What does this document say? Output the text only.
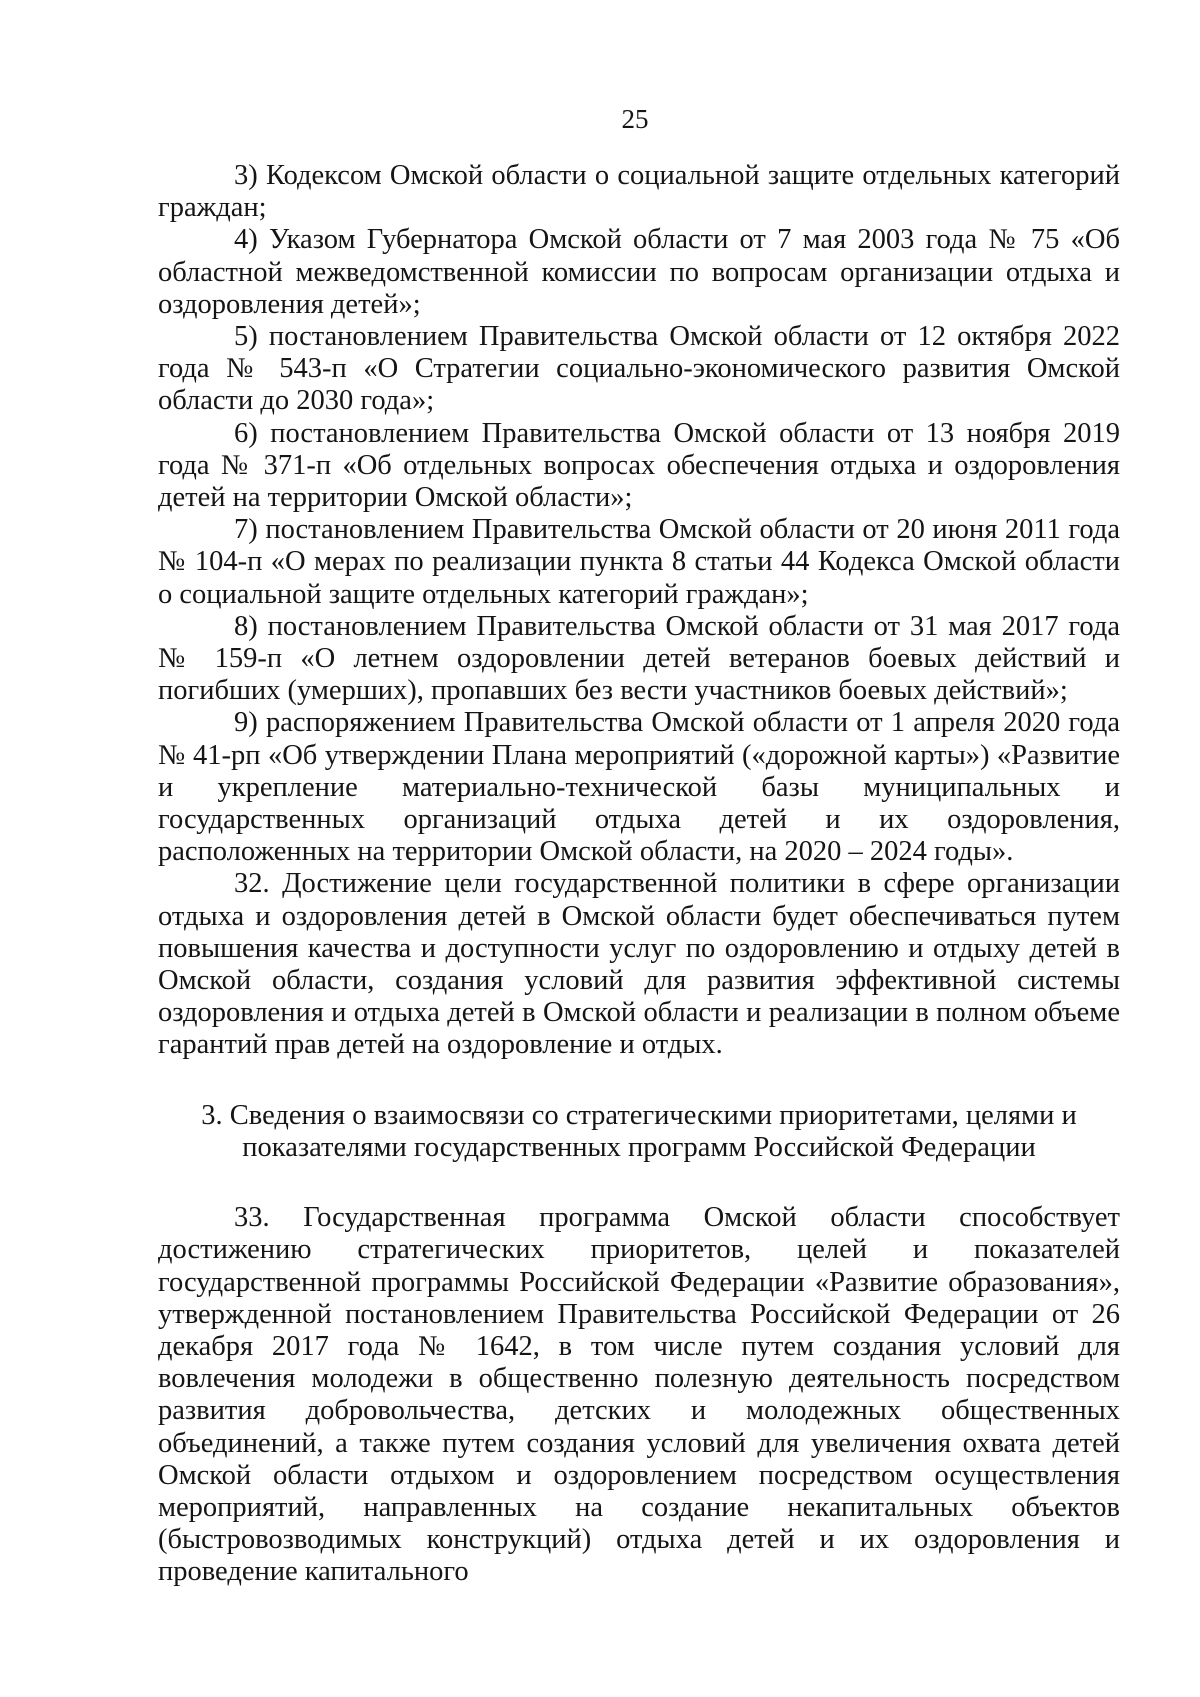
25

3) Кодексом Омской области о социальной защите отдельных категорий граждан;

4) Указом Губернатора Омской области от 7 мая 2003 года № 75 «Об областной межведомственной комиссии по вопросам организации отдыха и оздоровления детей»;

5) постановлением Правительства Омской области от 12 октября 2022 года № 543-п «О Стратегии социально-экономического развития Омской области до 2030 года»;

6) постановлением Правительства Омской области от 13 ноября 2019 года № 371-п «Об отдельных вопросах обеспечения отдыха и оздоровления детей на территории Омской области»;

7) постановлением Правительства Омской области от 20 июня 2011 года № 104-п «О мерах по реализации пункта 8 статьи 44 Кодекса Омской области о социальной защите отдельных категорий граждан»;

8) постановлением Правительства Омской области от 31 мая 2017 года № 159-п «О летнем оздоровлении детей ветеранов боевых действий и погибших (умерших), пропавших без вести участников боевых действий»;

9) распоряжением Правительства Омской области от 1 апреля 2020 года № 41-рп «Об утверждении Плана мероприятий («дорожной карты») «Развитие и укрепление материально-технической базы муниципальных и государственных организаций отдыха детей и их оздоровления, расположенных на территории Омской области, на 2020 – 2024 годы».

32. Достижение цели государственной политики в сфере организации отдыха и оздоровления детей в Омской области будет обеспечиваться путем повышения качества и доступности услуг по оздоровлению и отдыху детей в Омской области, создания условий для развития эффективной системы оздоровления и отдыха детей в Омской области и реализации в полном объеме гарантий прав детей на оздоровление и отдых.

3. Сведения о взаимосвязи со стратегическими приоритетами, целями и
показателями государственных программ Российской Федерации

33. Государственная программа Омской области способствует достижению стратегических приоритетов, целей и показателей государственной программы Российской Федерации «Развитие образования», утвержденной постановлением Правительства Российской Федерации от 26 декабря 2017 года № 1642, в том числе путем создания условий для вовлечения молодежи в общественно полезную деятельность посредством развития добровольчества, детских и молодежных общественных объединений, а также путем создания условий для увеличения охвата детей Омской области отдыхом и оздоровлением посредством осуществления мероприятий, направленных на создание некапитальных объектов (быстровозводимых конструкций) отдыха детей и их оздоровления и проведение капитального
